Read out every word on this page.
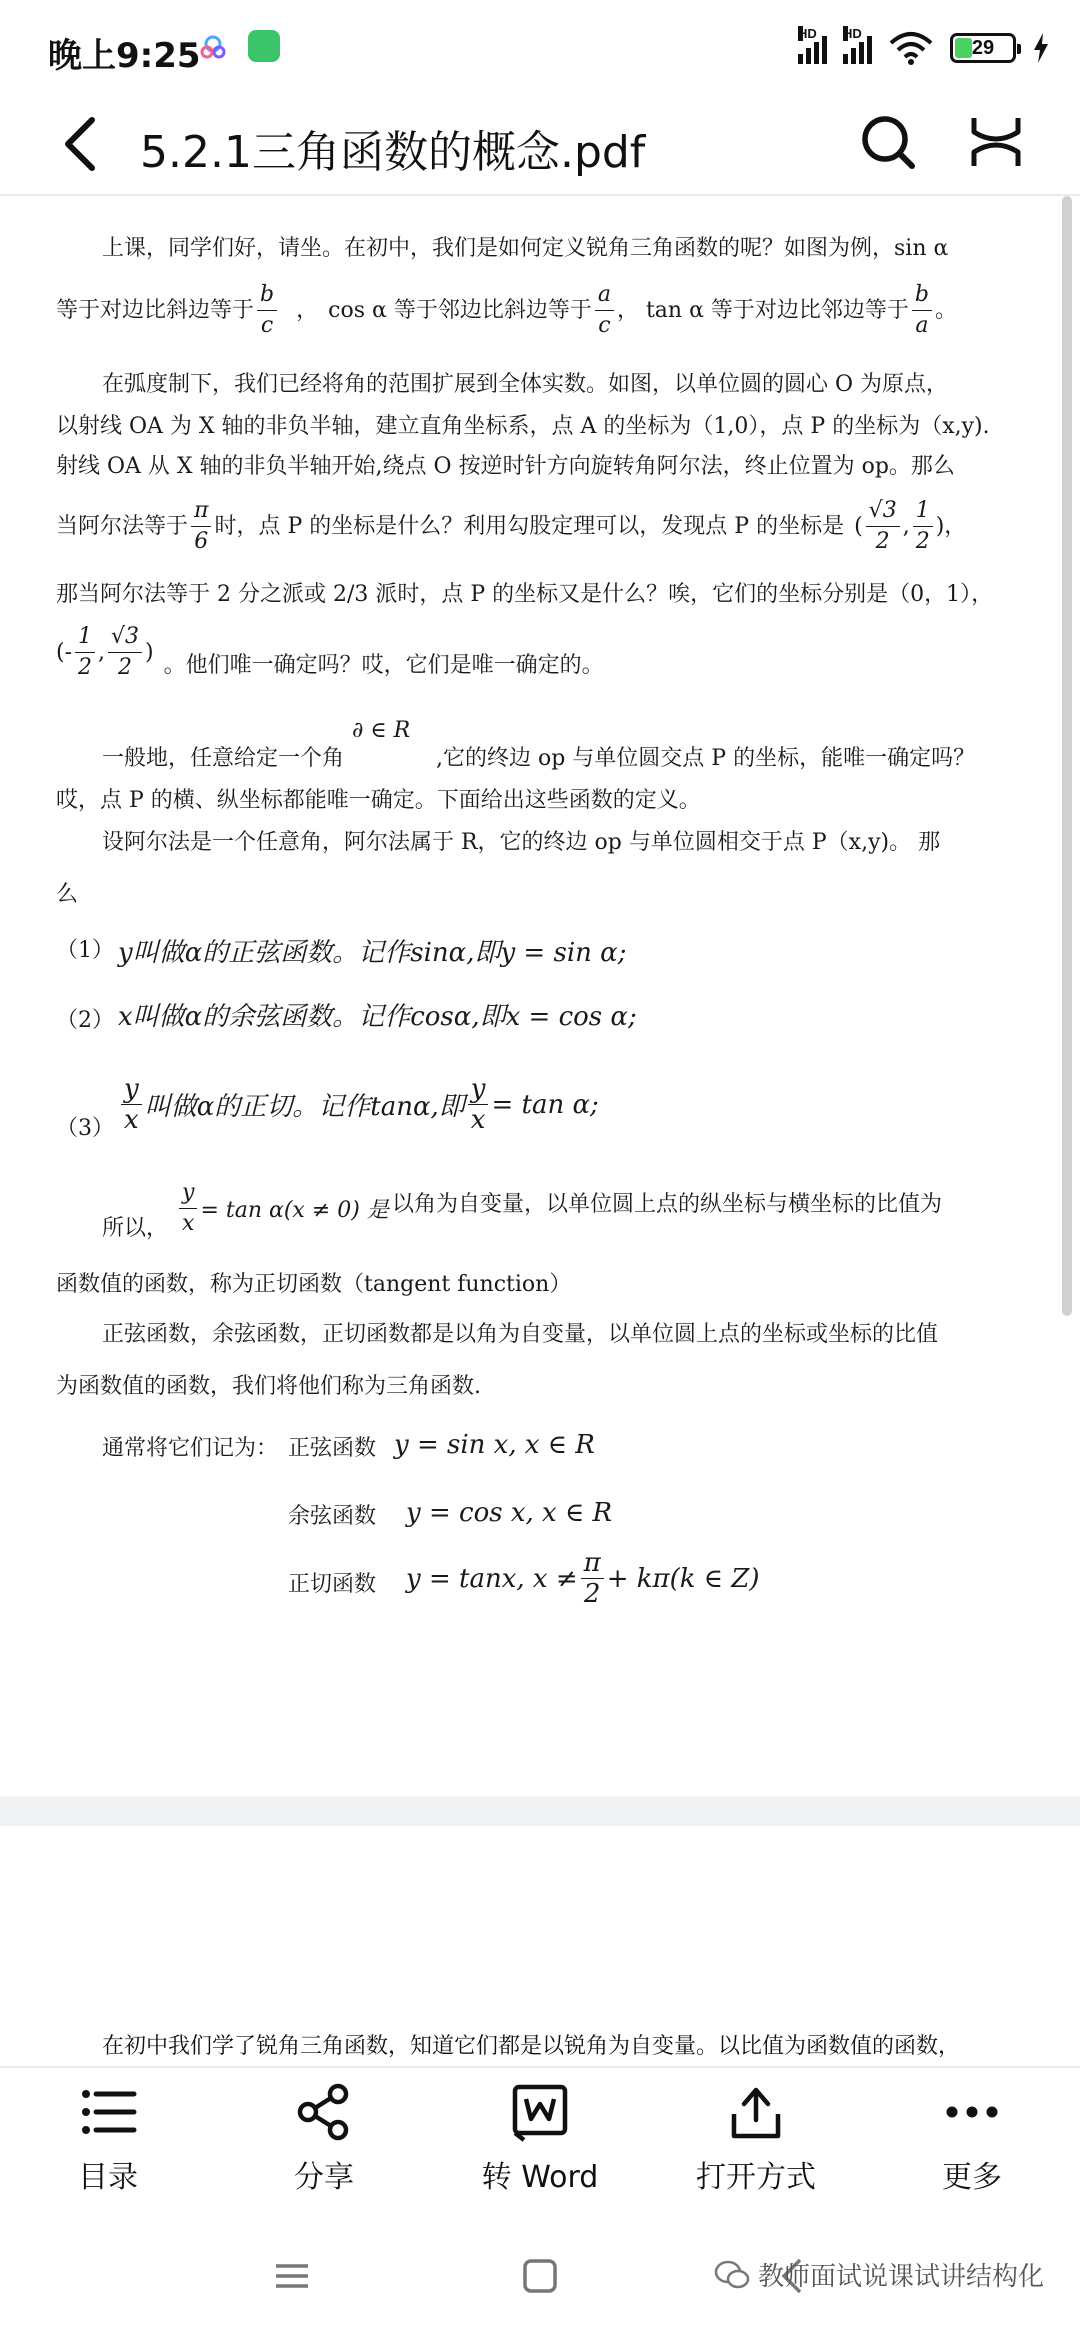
晚上9:25
HD HD
29
5.2.1三角函数的概念.pdf
上课，同学们好，请坐。在初中，我们是如何定义锐角三角函数的呢？如图为例，sin α
等于对边比斜边等于 $\frac{b}{c}$ ， cos α 等于邻边比斜边等于 $\frac{a}{c}$ ， tan α 等于对边比邻边等于 $\frac{b}{a}$ 。
在弧度制下，我们已经将角的范围扩展到全体实数。如图，以单位圆的圆心 O 为原点，
以射线 OA 为 X 轴的非负半轴，建立直角坐标系，点 A 的坐标为（1,0），点 P 的坐标为（x,y).
射线 OA 从 X 轴的非负半轴开始,绕点 O 按逆时针方向旋转角阿尔法，终止位置为 op。那么
当阿尔法等于 $\frac{\pi}{6}$ 时，点 P 的坐标是什么？利用勾股定理可以，发现点 P 的坐标是 ( $\frac{√3}{2}$ , $\frac{1}{2}$ ) ，
那当阿尔法等于 2 分之派或 2/3 派时，点 P 的坐标又是什么？唉，它们的坐标分别是（0，1），
(- $\frac{1}{2}$ , $\frac{√3}{2}$ )
。他们唯一确定吗？哎，它们是唯一确定的。
∂ ∈ R
一般地，任意给定一个角	,它的终边 op 与单位圆交点 P 的坐标，能唯一确定吗？
哎，点 P 的横、纵坐标都能唯一确定。下面给出这些函数的定义。
设阿尔法是一个任意角，阿尔法属于 R，它的终边 op 与单位圆相交于点 P（x,y)。 那
么
（1） y叫做α的正弦函数。记作sinα,即y = sin α;
（2） x叫做α的余弦函数。记作cosα,即x = cos α;
$(3) \frac{y}{x}$ 叫做α的正切。记作tanα,即 $\frac{y}{x} = \tan \alpha$;
所以， $\frac{y}{x} = \tan \alpha(x \ne 0)$ 是 以角为自变量，以单位圆上点的纵坐标与横坐标的比值为
函数值的函数，称为正切函数（tangent function）
正弦函数，余弦函数，正切函数都是以角为自变量，以单位圆上点的坐标或坐标的比值
为函数值的函数，我们将他们称为三角函数.
通常将它们记为： 正弦函数 y = sin x, x ∈ R
余弦函数 y = cos x, x ∈ R
正切函数 y = tanx, $x \ne \frac{\pi}{2} + k\pi(k$ ∈ Z)
在初中我们学了锐角三角函数，知道它们都是以锐角为自变量。以比值为函数值的函数，
目录	分享	转 Word	打开方式	更多
教师面试说课试讲结构化
